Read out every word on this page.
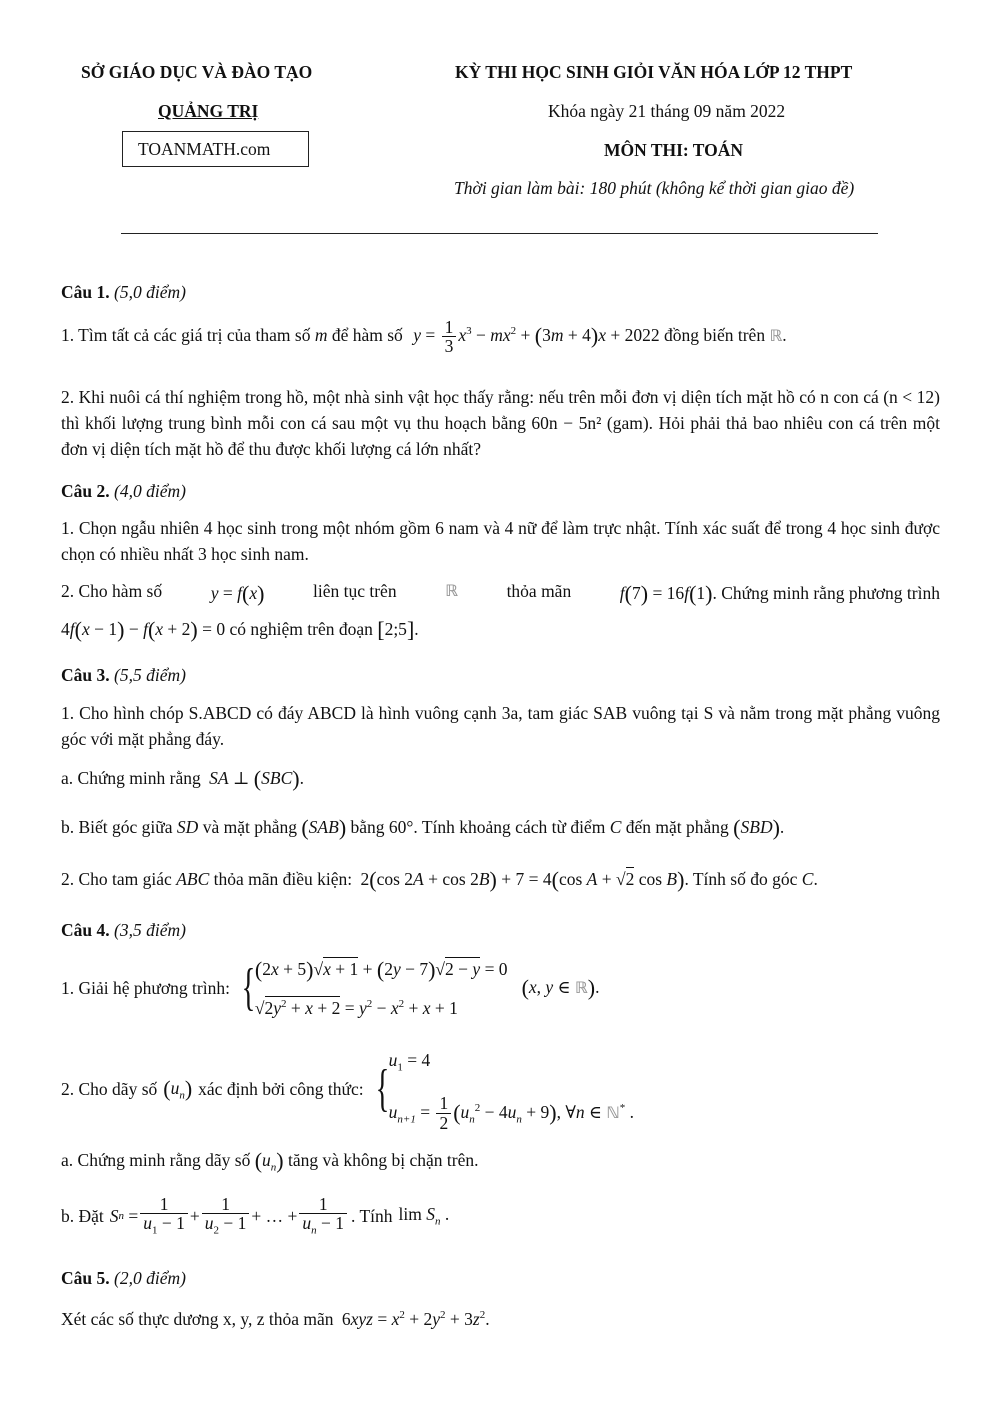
SỞ GIÁO DỤC VÀ ĐÀO TẠO
QUẢNG TRỊ
TOANMATH.com
KỲ THI HỌC SINH GIỎI VĂN HÓA LỚP 12 THPT
Khóa ngày 21 tháng 09 năm 2022
MÔN THI: TOÁN
Thời gian làm bài: 180 phút (không kể thời gian giao đề)
Câu 1. (5,0 điểm)
1. Tìm tất cả các giá trị của tham số m để hàm số $y = \frac{1}{3} x^3 - mx^2 + (3m + 4)x + 2022$ đồng biến trên ℝ.
2. Khi nuôi cá thí nghiệm trong hồ, một nhà sinh vật học thấy rằng: nếu trên mỗi đơn vị diện tích mặt hồ có n con cá (n < 12) thì khối lượng trung bình mỗi con cá sau một vụ thu hoạch bằng 60n − 5n² (gam). Hỏi phải thả bao nhiêu con cá trên một đơn vị diện tích mặt hồ để thu được khối lượng cá lớn nhất?
Câu 2. (4,0 điểm)
1. Chọn ngẫu nhiên 4 học sinh trong một nhóm gồm 6 nam và 4 nữ để làm trực nhật. Tính xác suất để trong 4 học sinh được chọn có nhiều nhất 3 học sinh nam.
2. Cho hàm số	y = f(x)	liên tục trên	ℝ	thỏa mãn	f(7) = 16f(1). Chứng minh rằng phương trình
4f(x − 1) − f(x + 2) = 0 có nghiệm trên đoạn [2;5].
Câu 3. (5,5 điểm)
1. Cho hình chóp S.ABCD có đáy ABCD là hình vuông cạnh 3a, tam giác SAB vuông tại S và nằm trong mặt phẳng vuông góc với mặt phẳng đáy.
a. Chứng minh rằng SA ⊥ (SBC).
b. Biết góc giữa SD và mặt phẳng (SAB) bằng 60°. Tính khoảng cách từ điểm C đến mặt phẳng (SBD).
2. Cho tam giác ABC thỏa mãn điều kiện: 2(cos 2A + cos 2B) + 7 = 4(cos A + √2 cos B). Tính số đo góc C.
Câu 4. (3,5 điểm)
1. Giải hệ phương trình: { (2x + 5)√x + 1 + (2y − 7)√2 − y = 0
$√2y^2 + x + 2 = y^2 - x^2 + x + 1$
(x, y ∈ ℝ).
2. Cho dãy số $(u_n)$ xác định bởi công thức: {
$u_1 = 4$
$u_{n+1} = \frac{1}{2} (u_n^2 - 4u_n + 9)$, ∀n ∈ ℕ* .
a. Chứng minh rằng dãy số $(u_n)$ tăng và không bị chặn trên.
b. Đặt S $n = \frac{1}{u_1 - 1} + \frac{1}{u_2 - 1}$ + … + $\frac{1}{u_n - 1}$ . Tính $\lim S_n$ .
Câu 5. (2,0 điểm)
Xét các số thực dương x, y, z thỏa mãn $6xyz = x^2 + 2y^2 + 3z^2$.
